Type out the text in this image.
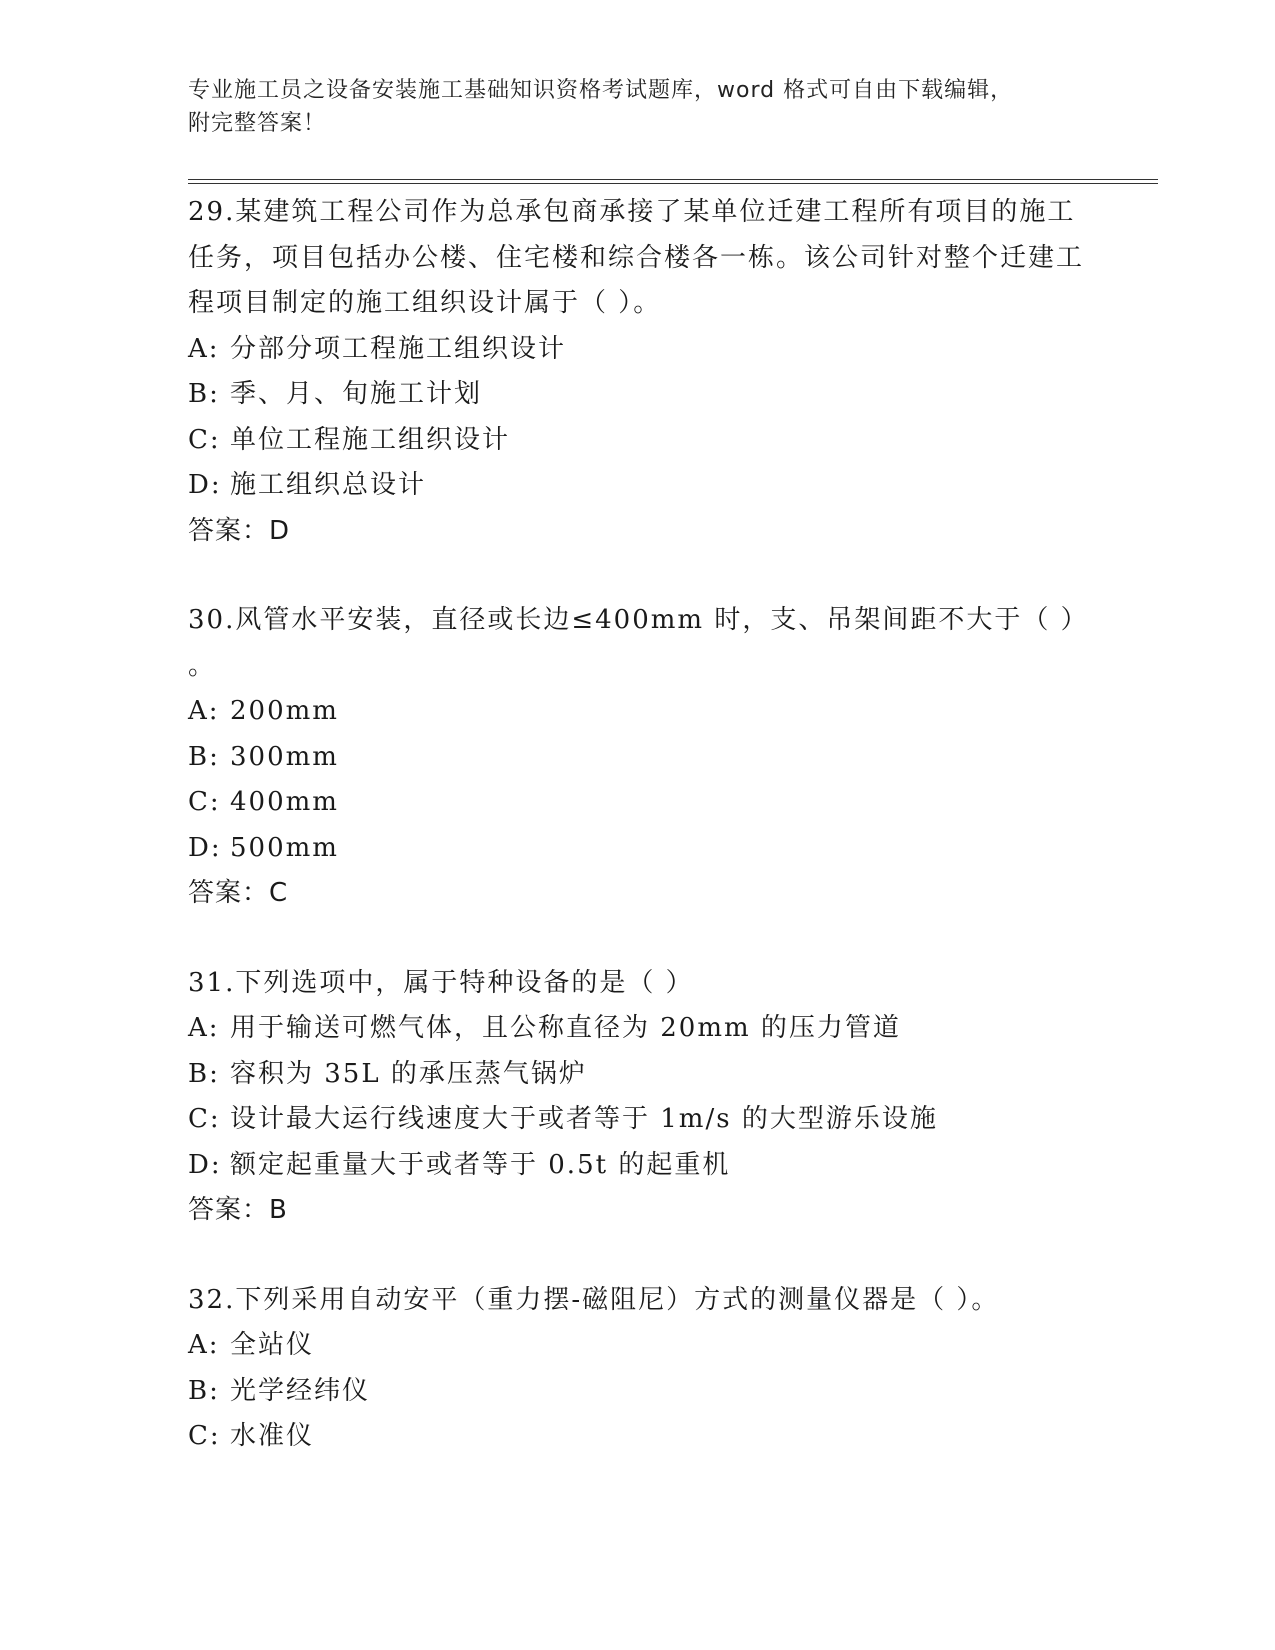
专业施工员之设备安装施工基础知识资格考试题库，word 格式可自由下载编辑，
附完整答案！
29.某建筑工程公司作为总承包商承接了某单位迁建工程所有项目的施工任务，项目包括办公楼、住宅楼和综合楼各一栋。该公司针对整个迁建工程项目制定的施工组织设计属于（ ）。
A: 分部分项工程施工组织设计
B: 季、月、旬施工计划
C: 单位工程施工组织设计
D: 施工组织总设计
答案：D
30.风管水平安装，直径或长边≤400mm 时，支、吊架间距不大于（ ）
。
A: 200mm
B: 300mm
C: 400mm
D: 500mm
答案：C
31.下列选项中，属于特种设备的是（ ）
A: 用于输送可燃气体，且公称直径为 20mm 的压力管道
B: 容积为 35L 的承压蒸气锅炉
C: 设计最大运行线速度大于或者等于 1m/s 的大型游乐设施
D: 额定起重量大于或者等于 0.5t 的起重机
答案：B
32.下列采用自动安平（重力摆-磁阻尼）方式的测量仪器是（ ）。
A: 全站仪
B: 光学经纬仪
C: 水准仪
